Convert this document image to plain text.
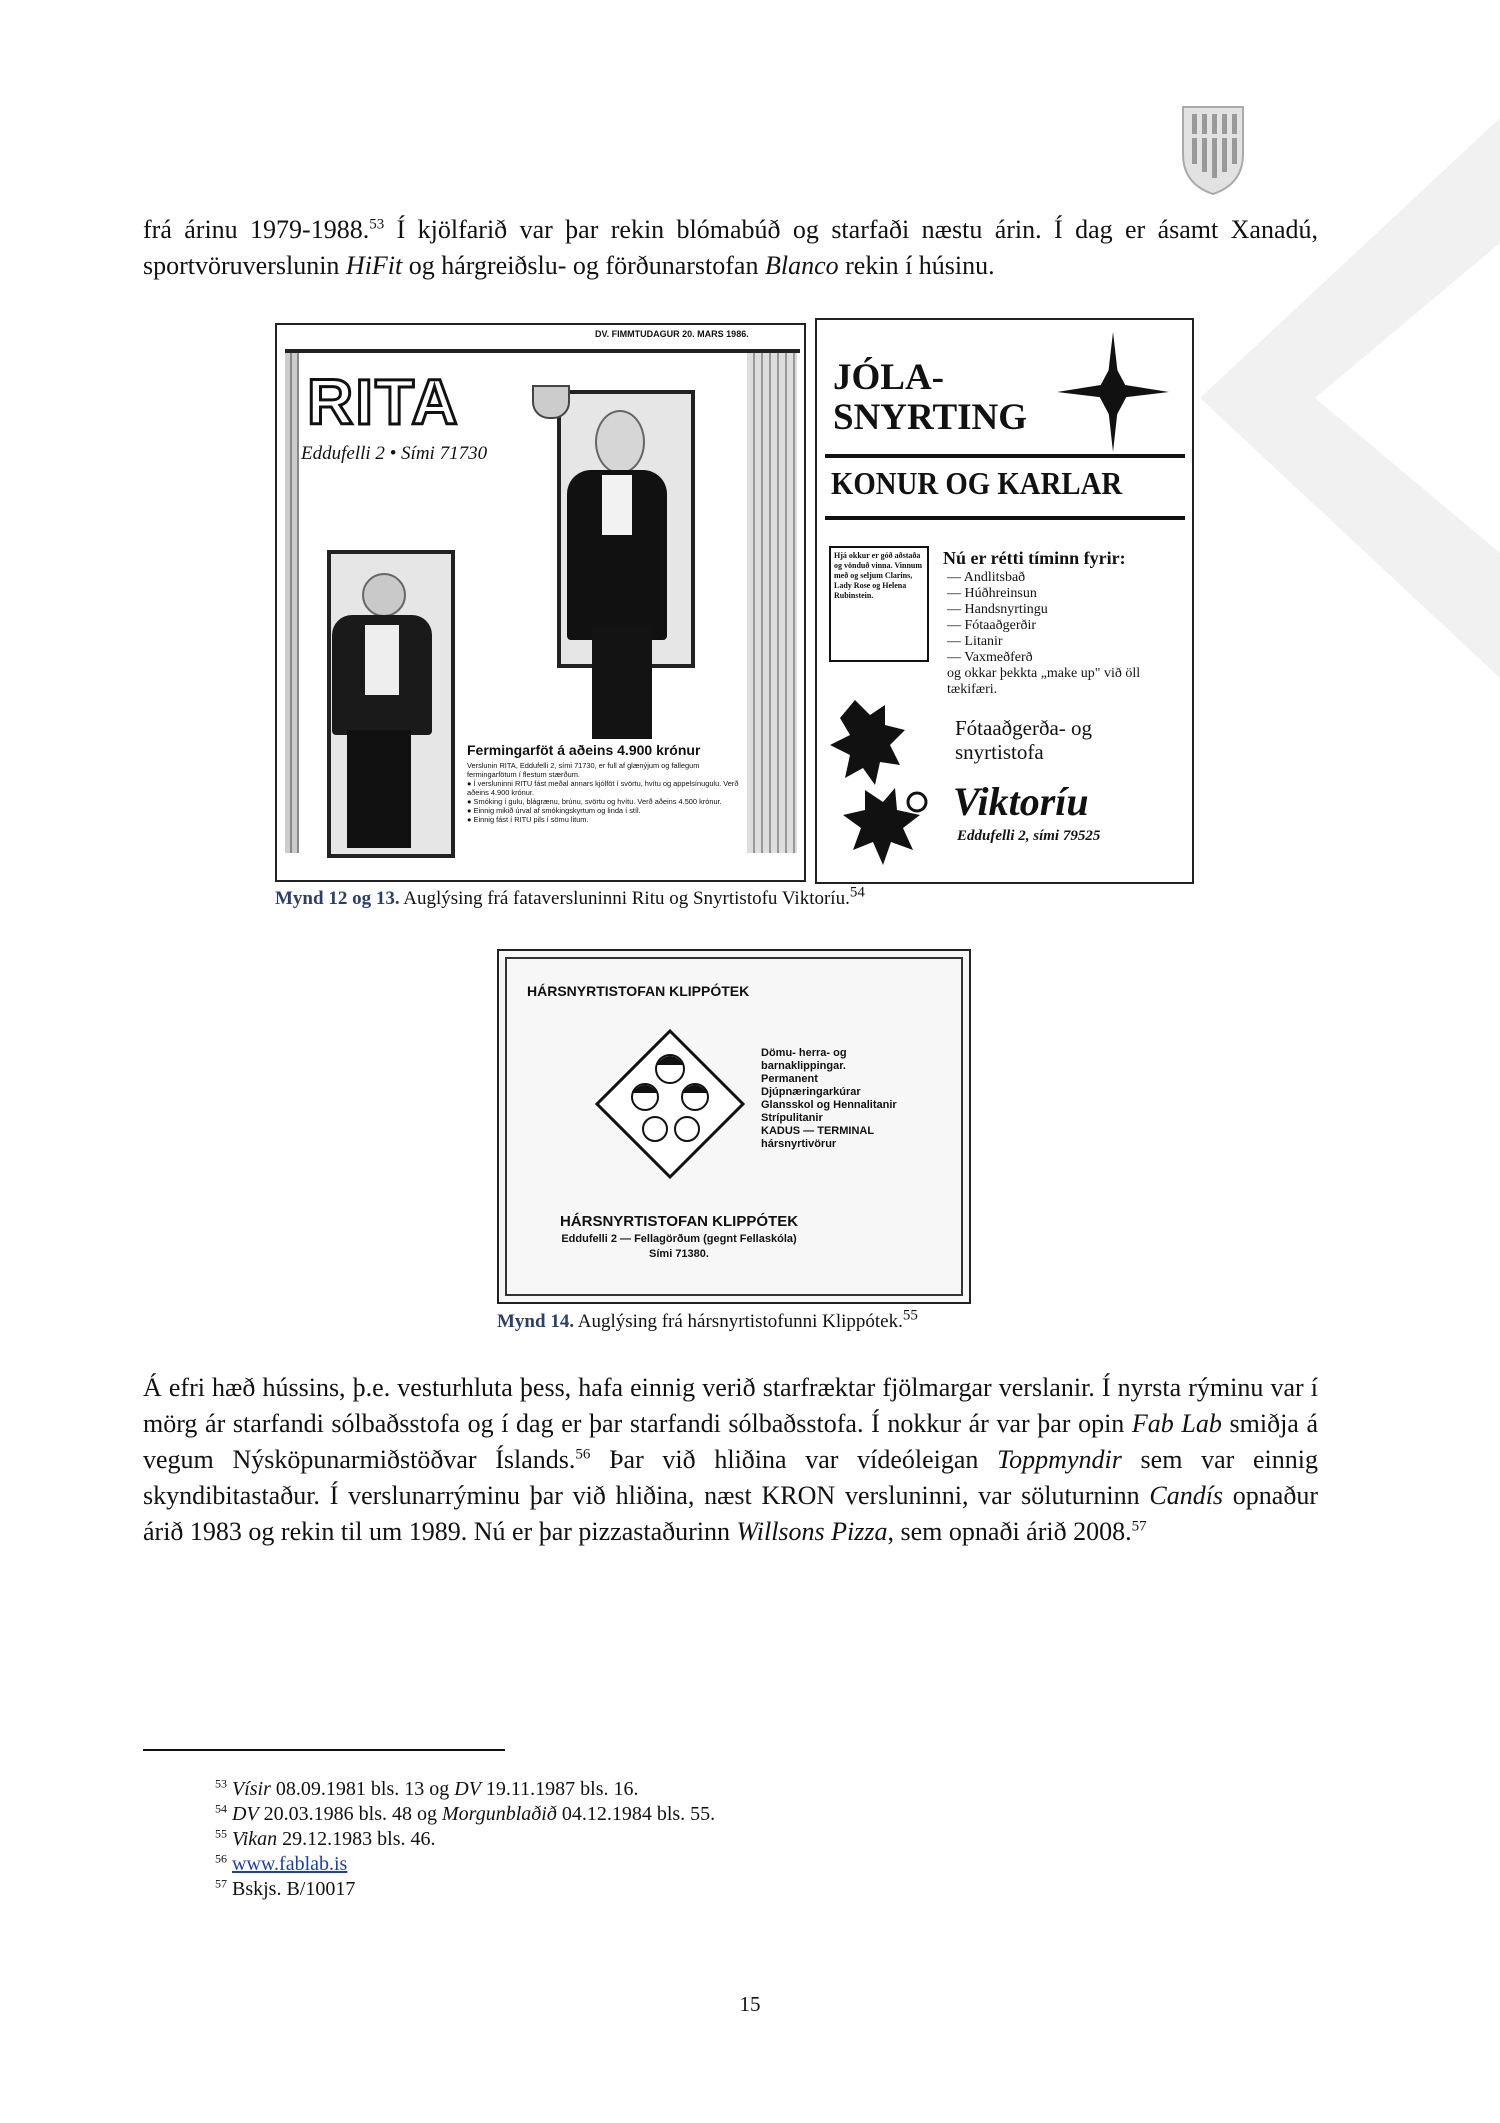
frá árinu 1979-1988.53 Í kjölfarið var þar rekin blómabúð og starfaði næstu árin. Í dag er ásamt Xanadú, sportvöruverslunin HiFit og hárgreiðslu- og förðunarstofan Blanco rekin í húsinu.
DV. FIMMTUDAGUR 20. MARS 1986.
RITA
Eddufelli 2 • Sími 71730
Fermingarföt á aðeins 4.900 krónur
Verslunin RITA, Eddufelli 2, sími 71730, er full af glænýjum og fallegum fermingarfötum í flestum stærðum.
● Í versluninni RITU fást meðal annars kjólföt í svörtu, hvítu og appelsínugulu. Verð aðeins 4.900 krónur.
● Smóking í gulu, blágrænu, brúnu, svörtu og hvítu. Verð aðeins 4.500 krónur.
● Einnig mikið úrval af smókingskyrtum og linda í stíl.
● Einnig fást í RITU pils í sömu litum.
JÓLA-
SNYRTING
KONUR OG KARLAR
Hjá okkur er góð aðstaða og vönduð vinna. Vinnum með og seljum Clarins, Lady Rose og Helena Rubinstein.
Nú er rétti tíminn fyrir:
— Andlitsbað
— Húðhreinsun
— Handsnyrtingu
— Fótaaðgerðir
— Litanir
— Vaxmeðferð
og okkar þekkta „make up" við öll tækifæri.
Fótaaðgerða- og
snyrtistofa
Viktoríu
Eddufelli 2, sími 79525
Mynd 12 og 13. Auglýsing frá fataversluninni Ritu og Snyrtistofu Viktoríu.$^{54}$
HÁRSNYRTISTOFAN KLIPPÓTEK
Dömu- herra- og
barnaklippingar.
Permanent
Djúpnæringarkúrar
Glansskol og Hennalitanir
Strípulitanir
KADUS — TERMINAL
hársnyrtivörur
HÁRSNYRTISTOFAN KLIPPÓTEK
Eddufelli 2 — Fellagörðum (gegnt Fellaskóla)
Sími 71380.
Mynd 14. Auglýsing frá hársnyrtistofunni Klippótek.$^{55}$
Á efri hæð hússins, þ.e. vesturhluta þess, hafa einnig verið starfræktar fjölmargar verslanir. Í nyrsta rýminu var í mörg ár starfandi sólbaðsstofa og í dag er þar starfandi sólbaðsstofa. Í nokkur ár var þar opin Fab Lab smiðja á vegum Nýsköpunarmiðstöðvar Íslands.$^{56}$ Þar við hliðina var vídeóleigan Toppmyndir sem var einnig skyndibitastaður. Í verslunarrýminu þar við hliðina, næst KRON versluninni, var söluturninn Candís opnaður árið 1983 og rekin til um 1989. Nú er þar pizzastaðurinn Willsons Pizza, sem opnaði árið 2008.57
$^{53}$ Vísir 08.09.1981 bls. 13 og DV 19.11.1987 bls. 16.
$^{54}$ DV 20.03.1986 bls. 48 og Morgunblaðið 04.12.1984 bls. 55.
$^{55}$ Vikan 29.12.1983 bls. 46.
$^{56}$ www.fablab.is
$^{57}$ Bskjs. B/10017
15
